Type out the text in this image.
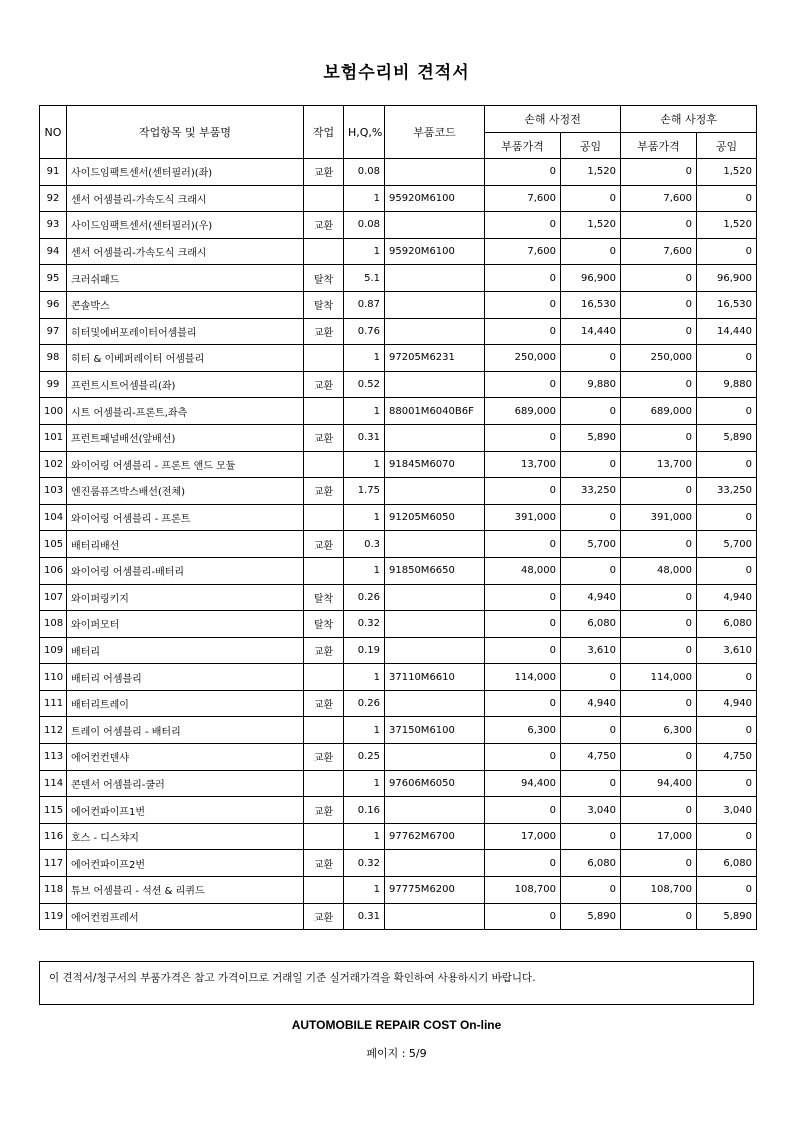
보험수리비 견적서
NO	작업항목 및 부품명	작업	H,Q,%	부품코드	손해 사정전		손해 사정후	
					부품가격	공임	부품가격	공임
91	사이드임팩트센서(센터필러)(좌)	교환	0.08		0	1,520	0	1,520
92	센서 어셈블리-가속도식 크래시		1	95920M6100	7,600	0	7,600	0
93	사이드임팩트센서(센터필러)(우)	교환	0.08		0	1,520	0	1,520
94	센서 어셈블리-가속도식 크래시		1	95920M6100	7,600	0	7,600	0
95	크러쉬패드	탈착	5.1		0	96,900	0	96,900
96	콘솔박스	탈착	0.87		0	16,530	0	16,530
97	히터및에버포레이터어셈블리	교환	0.76		0	14,440	0	14,440
98	히터 & 이베퍼레이터 어셈블리		1	97205M6231	250,000	0	250,000	0
99	프런트시트어셈블리(좌)	교환	0.52		0	9,880	0	9,880
100	시트 어셈블리-프론트,좌측		1	88001M6040B6F	689,000	0	689,000	0
101	프런트패널배선(앞배선)	교환	0.31		0	5,890	0	5,890
102	와이어링 어셈블리 - 프론트 앤드 모듈		1	91845M6070	13,700	0	13,700	0
103	엔진룸퓨즈박스배선(전체)	교환	1.75		0	33,250	0	33,250
104	와이어링 어셈블리 - 프론트		1	91205M6050	391,000	0	391,000	0
105	배터리배선	교환	0.3		0	5,700	0	5,700
106	와이어링 어셈블리-배터리		1	91850M6650	48,000	0	48,000	0
107	와이퍼링키지	탈착	0.26		0	4,940	0	4,940
108	와이퍼모터	탈착	0.32		0	6,080	0	6,080
109	배터리	교환	0.19		0	3,610	0	3,610
110	배터리 어셈블리		1	37110M6610	114,000	0	114,000	0
111	배터리트레이	교환	0.26		0	4,940	0	4,940
112	트레이 어셈블리 - 배터리		1	37150M6100	6,300	0	6,300	0
113	에어컨컨덴샤	교환	0.25		0	4,750	0	4,750
114	콘덴서 어셈블리-쿨러		1	97606M6050	94,400	0	94,400	0
115	에어컨파이프1번	교환	0.16		0	3,040	0	3,040
116	호스 - 디스챠지		1	97762M6700	17,000	0	17,000	0
117	에어컨파이프2번	교환	0.32		0	6,080	0	6,080
118	튜브 어셈블리 - 석션 & 리퀴드		1	97775M6200	108,700	0	108,700	0
119	에어컨컴프레서	교환	0.31		0	5,890	0	5,890
이 견적서/청구서의 부품가격은 참고 가격이므로 거래일 기준 실거래가격을 확인하여 사용하시기 바랍니다.
AUTOMOBILE REPAIR COST On-line
페이지 : 5/9
